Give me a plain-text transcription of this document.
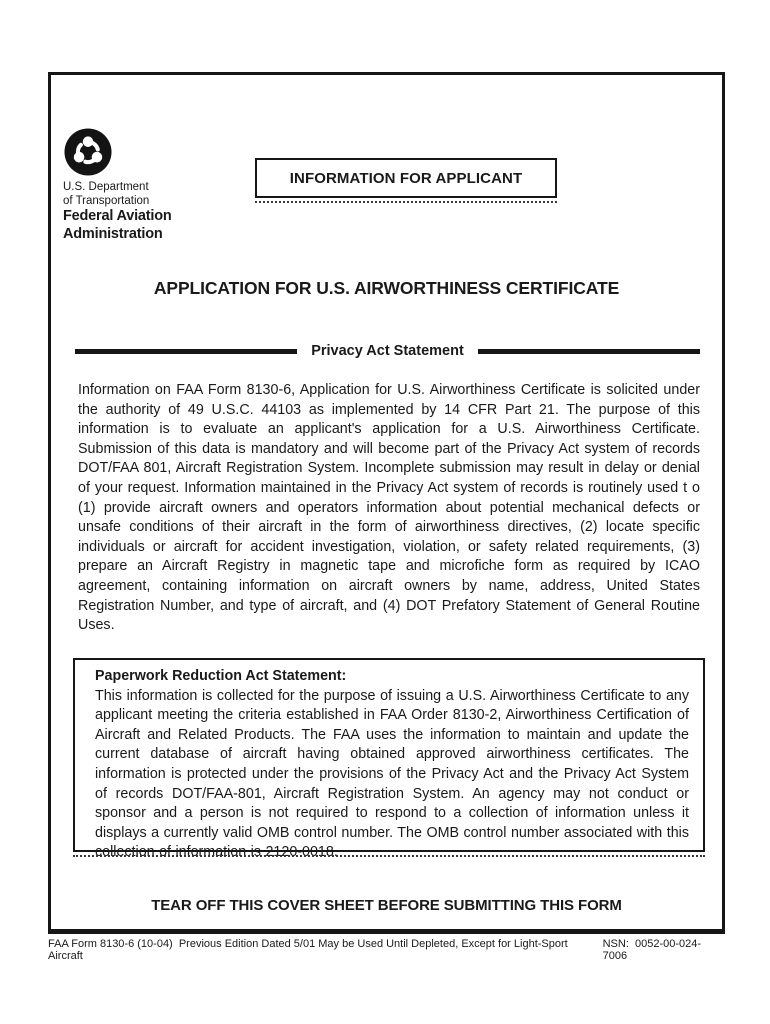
U.S. Department
of Transportation
Federal Aviation
Administration
INFORMATION FOR APPLICANT
APPLICATION FOR U.S. AIRWORTHINESS CERTIFICATE
Privacy Act Statement
Information on FAA Form 8130-6, Application for U.S. Airworthiness Certificate is solicited under the authority of 49 U.S.C. 44103 as implemented by 14 CFR Part 21. The purpose of this information is to evaluate an applicant's application for a U.S. Airworthiness Certificate. Submission of this data is mandatory and will become part of the Privacy Act system of records DOT/FAA 801, Aircraft Registration System. Incomplete submission may result in delay or denial of your request. Information maintained in the Privacy Act system of records is routinely used t o (1) provide aircraft owners and operators information about potential mechanical defects or unsafe conditions of their aircraft in the form of airworthiness directives, (2) locate specific individuals or aircraft for accident investigation, violation, or safety related requirements, (3) prepare an Aircraft Registry in magnetic tape and microfiche form as required by ICAO agreement, containing information on aircraft owners by name, address, United States Registration Number, and type of aircraft, and (4) DOT Prefatory Statement of General Routine Uses.
Paperwork Reduction Act Statement:
This information is collected for the purpose of issuing a U.S. Airworthiness Certificate to any applicant meeting the criteria established in FAA Order 8130-2, Airworthiness Certification of Aircraft and Related Products. The FAA uses the information to maintain and update the current database of aircraft having obtained approved airworthiness certificates. The information is protected under the provisions of the Privacy Act and the Privacy Act System of records DOT/FAA-801, Aircraft Registration System. An agency may not conduct or sponsor and a person is not required to respond to a collection of information unless it displays a currently valid OMB control number. The OMB control number associated with this collection of information is 2120-0018.
TEAR OFF THIS COVER SHEET BEFORE SUBMITTING THIS FORM
FAA Form 8130-6 (10-04)  Previous Edition Dated 5/01 May be Used Until Depleted, Except for Light-Sport Aircraft
NSN:  0052-00-024-7006
